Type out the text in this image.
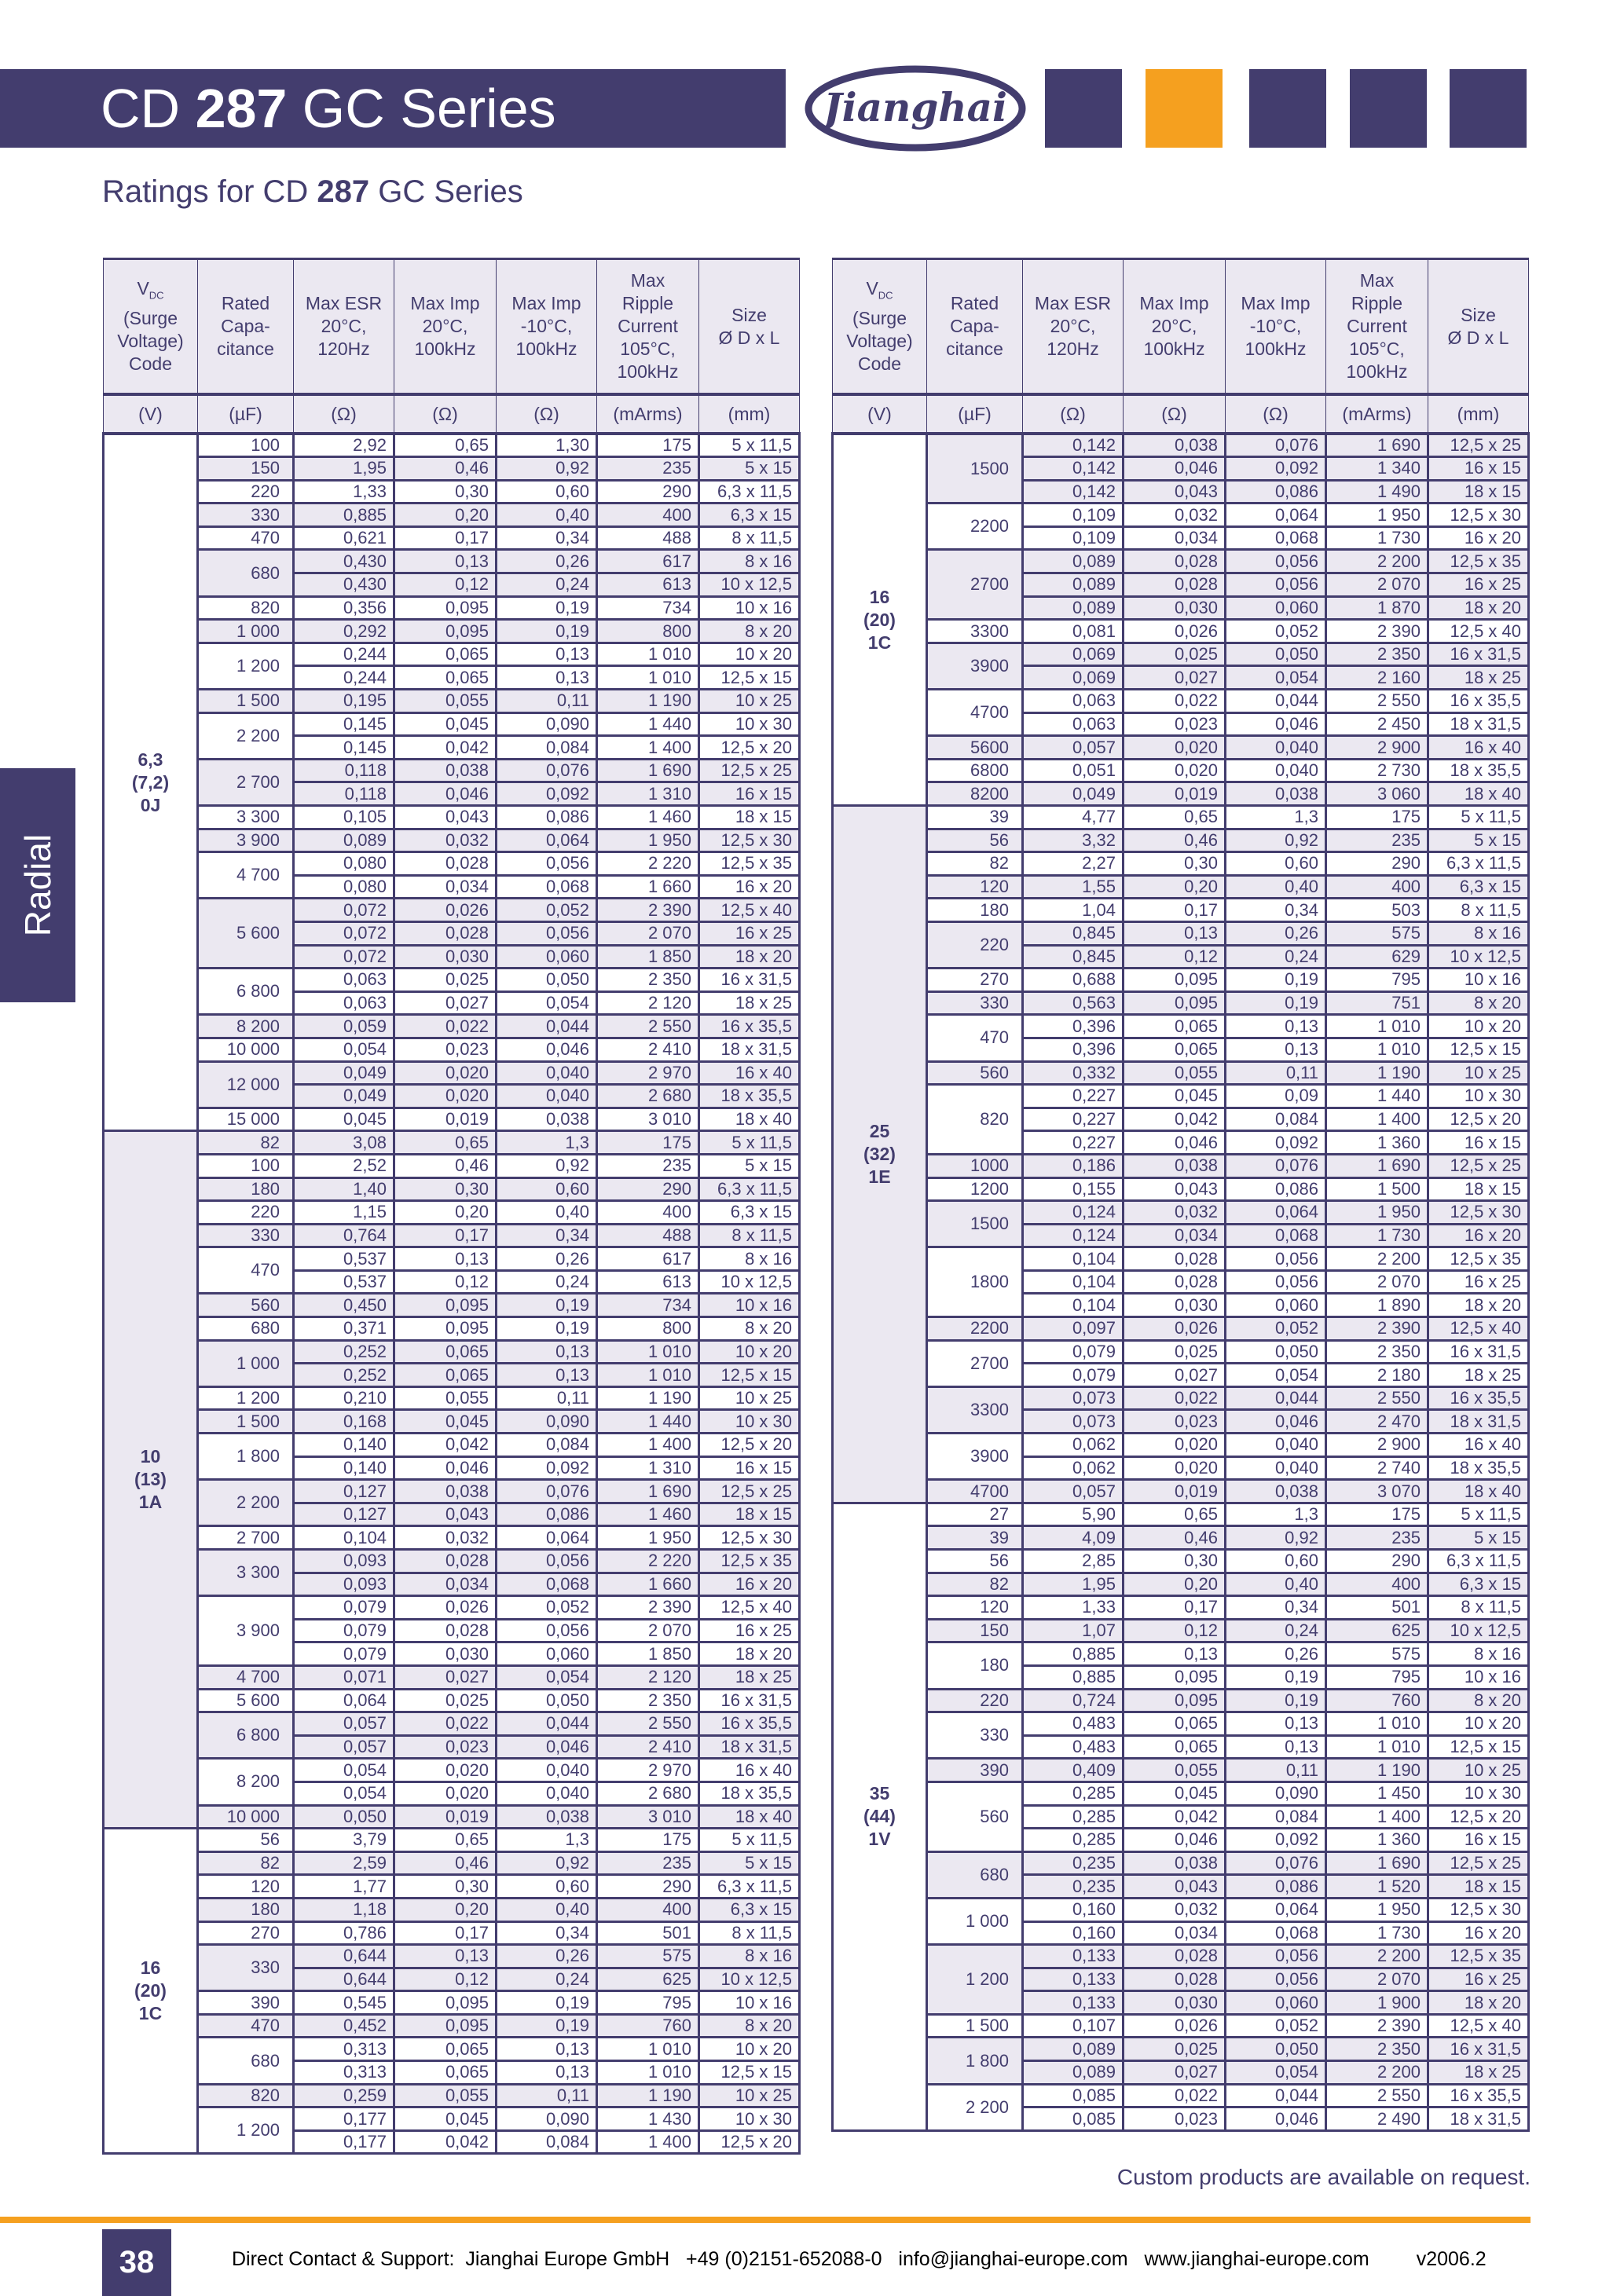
CD 287 GC Series	Jianghai
Ratings for CD 287 GC Series
Radial
$V_{DC}$
(Surge
Voltage)
Code	Rated
Capa-
citance	Max ESR
20°C,
120Hz	Max Imp
20°C,
100kHz	Max Imp
-10°C,
100kHz	Max
Ripple
Current
105°C,
100kHz	Size
Ø D x L
(V)	(µF)	(Ω)	(Ω)	(Ω)	(mArms)	(mm)
6,3
(7,2)
0J	100	2,92	0,65	1,30	175	5 x 11,5
	150	1,95	0,46	0,92	235	5 x 15
	220	1,33	0,30	0,60	290	6,3 x 11,5
	330	0,885	0,20	0,40	400	6,3 x 15
	470	0,621	0,17	0,34	488	8 x 11,5
	680	0,430	0,13	0,26	617	8 x 16
		0,430	0,12	0,24	613	10 x 12,5
	820	0,356	0,095	0,19	734	10 x 16
	1 000	0,292	0,095	0,19	800	8 x 20
	1 200	0,244	0,065	0,13	1 010	10 x 20
		0,244	0,065	0,13	1 010	12,5 x 15
	1 500	0,195	0,055	0,11	1 190	10 x 25
	2 200	0,145	0,045	0,090	1 440	10 x 30
		0,145	0,042	0,084	1 400	12,5 x 20
	2 700	0,118	0,038	0,076	1 690	12,5 x 25
		0,118	0,046	0,092	1 310	16 x 15
	3 300	0,105	0,043	0,086	1 460	18 x 15
	3 900	0,089	0,032	0,064	1 950	12,5 x 30
	4 700	0,080	0,028	0,056	2 220	12,5 x 35
		0,080	0,034	0,068	1 660	16 x 20
	5 600	0,072	0,026	0,052	2 390	12,5 x 40
		0,072	0,028	0,056	2 070	16 x 25
		0,072	0,030	0,060	1 850	18 x 20
	6 800	0,063	0,025	0,050	2 350	16 x 31,5
		0,063	0,027	0,054	2 120	18 x 25
	8 200	0,059	0,022	0,044	2 550	16 x 35,5
	10 000	0,054	0,023	0,046	2 410	18 x 31,5
	12 000	0,049	0,020	0,040	2 970	16 x 40
		0,049	0,020	0,040	2 680	18 x 35,5
	15 000	0,045	0,019	0,038	3 010	18 x 40
10
(13)
1A	82	3,08	0,65	1,3	175	5 x 11,5
	100	2,52	0,46	0,92	235	5 x 15
	180	1,40	0,30	0,60	290	6,3 x 11,5
	220	1,15	0,20	0,40	400	6,3 x 15
	330	0,764	0,17	0,34	488	8 x 11,5
	470	0,537	0,13	0,26	617	8 x 16
		0,537	0,12	0,24	613	10 x 12,5
	560	0,450	0,095	0,19	734	10 x 16
	680	0,371	0,095	0,19	800	8 x 20
	1 000	0,252	0,065	0,13	1 010	10 x 20
		0,252	0,065	0,13	1 010	12,5 x 15
	1 200	0,210	0,055	0,11	1 190	10 x 25
	1 500	0,168	0,045	0,090	1 440	10 x 30
	1 800	0,140	0,042	0,084	1 400	12,5 x 20
		0,140	0,046	0,092	1 310	16 x 15
	2 200	0,127	0,038	0,076	1 690	12,5 x 25
		0,127	0,043	0,086	1 460	18 x 15
	2 700	0,104	0,032	0,064	1 950	12,5 x 30
	3 300	0,093	0,028	0,056	2 220	12,5 x 35
		0,093	0,034	0,068	1 660	16 x 20
	3 900	0,079	0,026	0,052	2 390	12,5 x 40
		0,079	0,028	0,056	2 070	16 x 25
		0,079	0,030	0,060	1 850	18 x 20
	4 700	0,071	0,027	0,054	2 120	18 x 25
	5 600	0,064	0,025	0,050	2 350	16 x 31,5
	6 800	0,057	0,022	0,044	2 550	16 x 35,5
		0,057	0,023	0,046	2 410	18 x 31,5
	8 200	0,054	0,020	0,040	2 970	16 x 40
		0,054	0,020	0,040	2 680	18 x 35,5
	10 000	0,050	0,019	0,038	3 010	18 x 40
16
(20)
1C	56	3,79	0,65	1,3	175	5 x 11,5
	82	2,59	0,46	0,92	235	5 x 15
	120	1,77	0,30	0,60	290	6,3 x 11,5
	180	1,18	0,20	0,40	400	6,3 x 15
	270	0,786	0,17	0,34	501	8 x 11,5
	330	0,644	0,13	0,26	575	8 x 16
		0,644	0,12	0,24	625	10 x 12,5
	390	0,545	0,095	0,19	795	10 x 16
	470	0,452	0,095	0,19	760	8 x 20
	680	0,313	0,065	0,13	1 010	10 x 20
		0,313	0,065	0,13	1 010	12,5 x 15
	820	0,259	0,055	0,11	1 190	10 x 25
	1 200	0,177	0,045	0,090	1 430	10 x 30
		0,177	0,042	0,084	1 400	12,5 x 20
$V_{DC}$
(Surge
Voltage)
Code	Rated
Capa-
citance	Max ESR
20°C,
120Hz	Max Imp
20°C,
100kHz	Max Imp
-10°C,
100kHz	Max
Ripple
Current
105°C,
100kHz	Size
Ø D x L
(V)	(µF)	(Ω)	(Ω)	(Ω)	(mArms)	(mm)
16
(20)
1C	1500	0,142	0,038	0,076	1 690	12,5 x 25
		0,142	0,046	0,092	1 340	16 x 15
		0,142	0,043	0,086	1 490	18 x 15
	2200	0,109	0,032	0,064	1 950	12,5 x 30
		0,109	0,034	0,068	1 730	16 x 20
	2700	0,089	0,028	0,056	2 200	12,5 x 35
		0,089	0,028	0,056	2 070	16 x 25
		0,089	0,030	0,060	1 870	18 x 20
	3300	0,081	0,026	0,052	2 390	12,5 x 40
	3900	0,069	0,025	0,050	2 350	16 x 31,5
		0,069	0,027	0,054	2 160	18 x 25
	4700	0,063	0,022	0,044	2 550	16 x 35,5
		0,063	0,023	0,046	2 450	18 x 31,5
	5600	0,057	0,020	0,040	2 900	16 x 40
	6800	0,051	0,020	0,040	2 730	18 x 35,5
	8200	0,049	0,019	0,038	3 060	18 x 40
25
(32)
1E	39	4,77	0,65	1,3	175	5 x 11,5
	56	3,32	0,46	0,92	235	5 x 15
	82	2,27	0,30	0,60	290	6,3 x 11,5
	120	1,55	0,20	0,40	400	6,3 x 15
	180	1,04	0,17	0,34	503	8 x 11,5
	220	0,845	0,13	0,26	575	8 x 16
		0,845	0,12	0,24	629	10 x 12,5
	270	0,688	0,095	0,19	795	10 x 16
	330	0,563	0,095	0,19	751	8 x 20
	470	0,396	0,065	0,13	1 010	10 x 20
		0,396	0,065	0,13	1 010	12,5 x 15
	560	0,332	0,055	0,11	1 190	10 x 25
	820	0,227	0,045	0,09	1 440	10 x 30
		0,227	0,042	0,084	1 400	12,5 x 20
		0,227	0,046	0,092	1 360	16 x 15
	1000	0,186	0,038	0,076	1 690	12,5 x 25
	1200	0,155	0,043	0,086	1 500	18 x 15
	1500	0,124	0,032	0,064	1 950	12,5 x 30
		0,124	0,034	0,068	1 730	16 x 20
	1800	0,104	0,028	0,056	2 200	12,5 x 35
		0,104	0,028	0,056	2 070	16 x 25
		0,104	0,030	0,060	1 890	18 x 20
	2200	0,097	0,026	0,052	2 390	12,5 x 40
	2700	0,079	0,025	0,050	2 350	16 x 31,5
		0,079	0,027	0,054	2 180	18 x 25
	3300	0,073	0,022	0,044	2 550	16 x 35,5
		0,073	0,023	0,046	2 470	18 x 31,5
	3900	0,062	0,020	0,040	2 900	16 x 40
		0,062	0,020	0,040	2 740	18 x 35,5
	4700	0,057	0,019	0,038	3 070	18 x 40
35
(44)
1V	27	5,90	0,65	1,3	175	5 x 11,5
	39	4,09	0,46	0,92	235	5 x 15
	56	2,85	0,30	0,60	290	6,3 x 11,5
	82	1,95	0,20	0,40	400	6,3 x 15
	120	1,33	0,17	0,34	501	8 x 11,5
	150	1,07	0,12	0,24	625	10 x 12,5
	180	0,885	0,13	0,26	575	8 x 16
		0,885	0,095	0,19	795	10 x 16
	220	0,724	0,095	0,19	760	8 x 20
	330	0,483	0,065	0,13	1 010	10 x 20
		0,483	0,065	0,13	1 010	12,5 x 15
	390	0,409	0,055	0,11	1 190	10 x 25
	560	0,285	0,045	0,090	1 450	10 x 30
		0,285	0,042	0,084	1 400	12,5 x 20
		0,285	0,046	0,092	1 360	16 x 15
	680	0,235	0,038	0,076	1 690	12,5 x 25
		0,235	0,043	0,086	1 520	18 x 15
	1 000	0,160	0,032	0,064	1 950	12,5 x 30
		0,160	0,034	0,068	1 730	16 x 20
	1 200	0,133	0,028	0,056	2 200	12,5 x 35
		0,133	0,028	0,056	2 070	16 x 25
		0,133	0,030	0,060	1 900	18 x 20
	1 500	0,107	0,026	0,052	2 390	12,5 x 40
	1 800	0,089	0,025	0,050	2 350	16 x 31,5
		0,089	0,027	0,054	2 200	18 x 25
	2 200	0,085	0,022	0,044	2 550	16 x 35,5
		0,085	0,023	0,046	2 490	18 x 31,5
Custom products are available on request.
38	Direct Contact & Support:  Jianghai Europe GmbH   +49 (0)2151-652088-0   info@jianghai-europe.com   www.jianghai-europe.com v2006.2
